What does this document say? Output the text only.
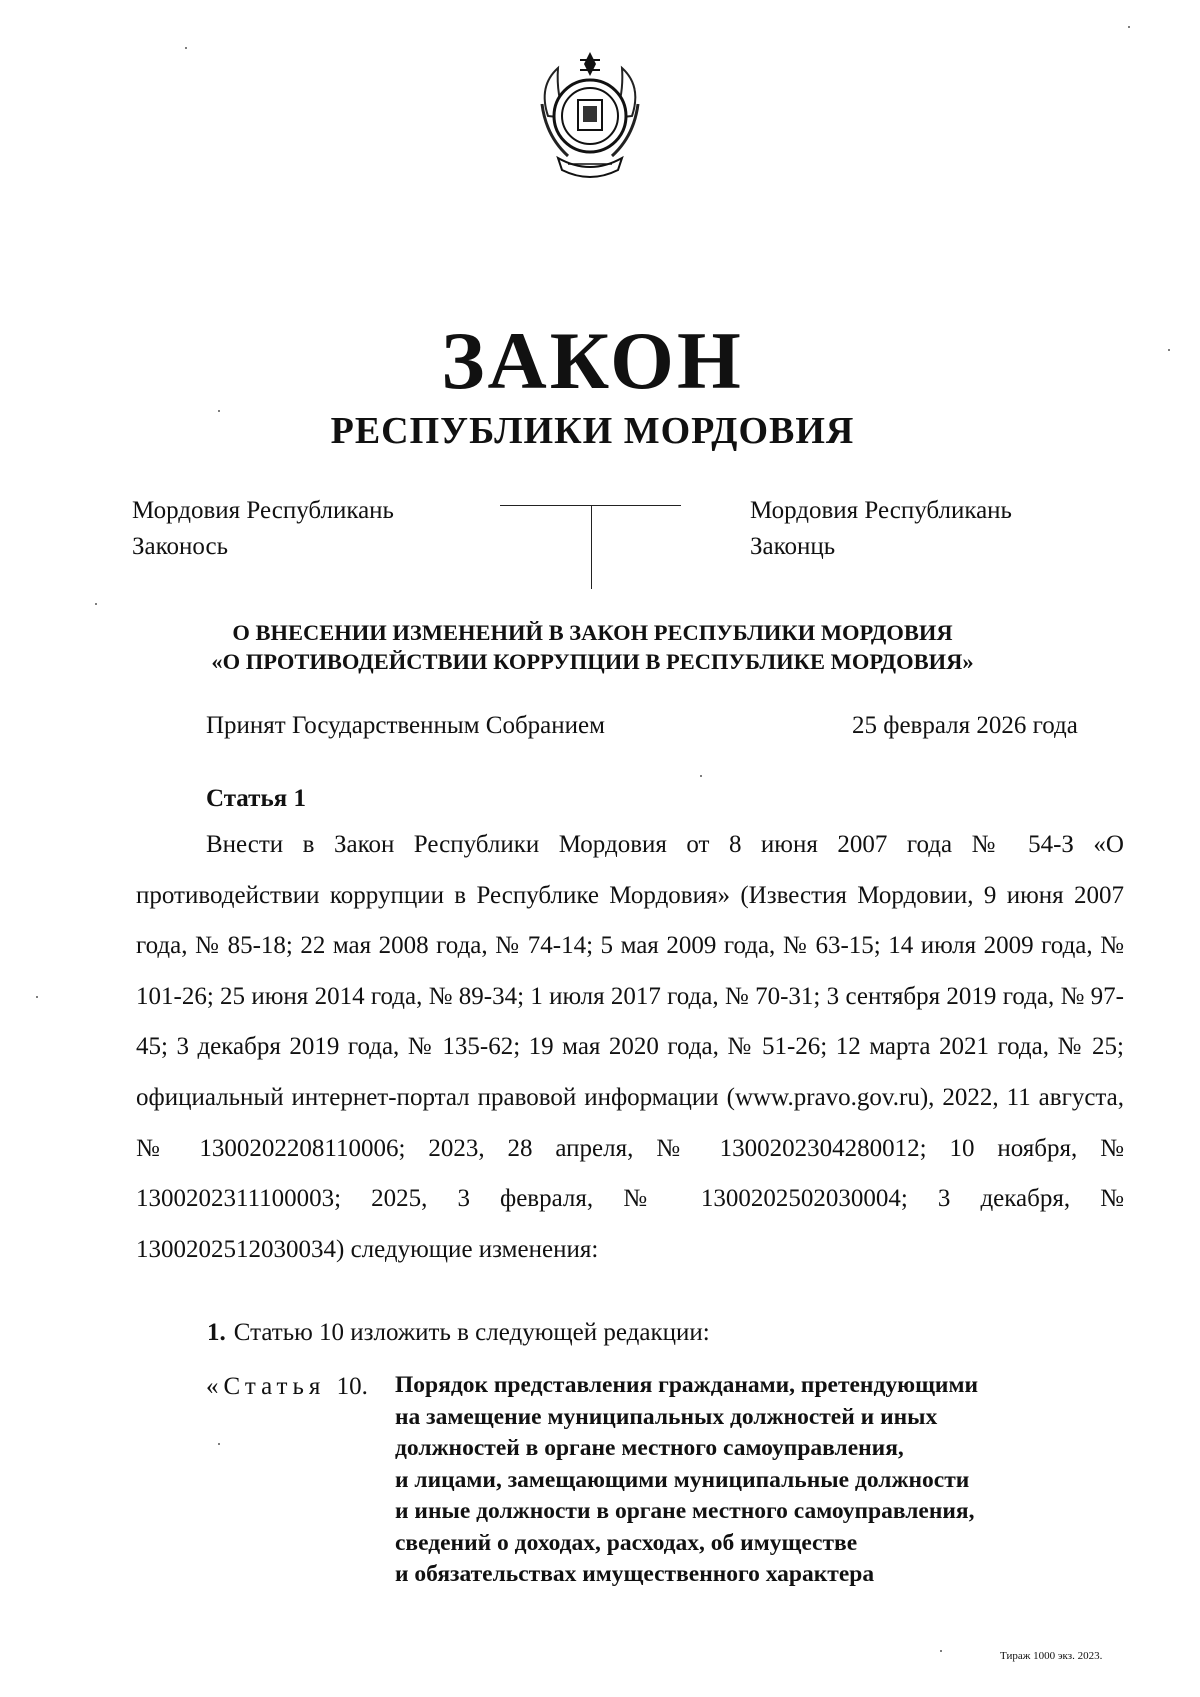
ЗАКОН
РЕСПУБЛИКИ МОРДОВИЯ
Мордовия Республикань
Законось
Мордовия Республикань
Законць
О ВНЕСЕНИИ ИЗМЕНЕНИЙ В ЗАКОН РЕСПУБЛИКИ МОРДОВИЯ
«О ПРОТИВОДЕЙСТВИИ КОРРУПЦИИ В РЕСПУБЛИКЕ МОРДОВИЯ»
Принят Государственным Собранием	25 февраля 2026 года
Статья 1

Внести в Закон Республики Мордовия от 8 июня 2007 года № 54-З «О противодействии коррупции в Республике Мордовия» (Известия Мордовии, 9 июня 2007 года, № 85-18; 22 мая 2008 года, № 74-14; 5 мая 2009 года, № 63-15; 14 июля 2009 года, № 101-26; 25 июня 2014 года, № 89-34; 1 июля 2017 года, № 70-31; 3 сентября 2019 года, № 97-45; 3 декабря 2019 года, № 135-62; 19 мая 2020 года, № 51-26; 12 марта 2021 года, № 25; официальный интернет-портал правовой информации (www.pravo.gov.ru), 2022, 11 августа, № 1300202208110006; 2023, 28 апреля, № 1300202304280012; 10 ноября, № 1300202311100003; 2025, 3 февраля, № 1300202502030004; 3 декабря, № 1300202512030034) следующие изменения:

1. Статью 10 изложить в следующей редакции:
«Статья 10. Порядок представления гражданами, претендующими
на замещение муниципальных должностей и иных
должностей в органе местного самоуправления,
и лицами, замещающими муниципальные должности
и иные должности в органе местного самоуправления,
сведений о доходах, расходах, об имуществе
и обязательствах имущественного характера
Тираж 1000 экз. 2023.
